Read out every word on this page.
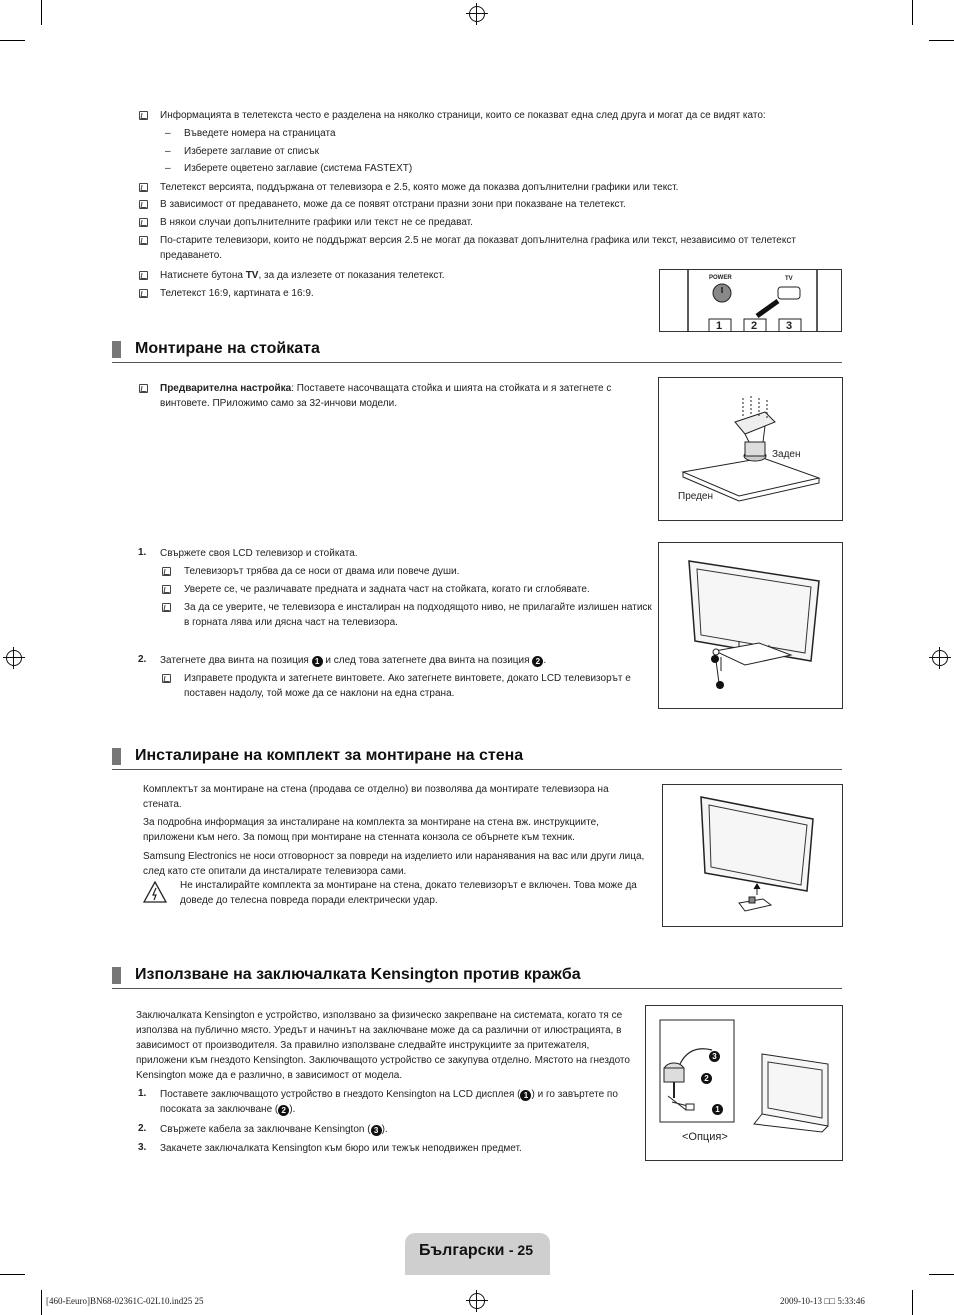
Информацията в телетекста често е разделена на няколко страници, които се показват една след друга и могат да се видят като:
– Въведете номера на страницата
– Изберете заглавие от списък
– Изберете оцветено заглавие (система FASTEXT)
Телетекст версията, поддържана от телевизора е 2.5, която може да показва допълнителни графики или текст.
В зависимост от предаването, може да се появят отстрани празни зони при показване на телетекст.
В някои случаи допълнителните графики или текст не се предават.
По-старите телевизори, които не поддържат версия 2.5 не могат да показват допълнителна графика или текст, независимо от телетекст предаването.
Натиснете бутона TV, за да излезете от показания телетекст.
Телетекст 16:9, картината е 16:9.
POWER	TV
1	2	3
Монтиране на стойката
Предварителна настройка: Поставете насочващата стойка и шията на стойката и я затегнете с винтовете. ПРиложимо само за 32-инчови модели.
Заден
Преден
1. Свържете своя LCD телевизор и стойката.
Телевизорът трябва да се носи от двама или повече души.
Уверете се, че различавате предната и задната част на стойката, когато ги сглобявате.
За да се уверите, че телевизора е инсталиран на подходящото ниво, не прилагайте излишен натиск в горната лява или дясна част на телевизора.
2. Затегнете два винта на позиция 1 и след това затегнете два винта на позиция 2 .
Изправете продукта и затегнете винтовете. Ако затегнете винтовете, докато LCD телевизорът е поставен надолу, той може да се наклони на една страна.
Инсталиране на комплект за монтиране на стена
Комплектът за монтиране на стена (продава се отделно) ви позволява да монтирате телевизора на стената.
За подробна информация за инсталиране на комплекта за монтиране на стена вж. инструкциите, приложени към него. За помощ при монтиране на стенната конзола се обърнете към техник.
Samsung Electronics не носи отговорност за повреди на изделието или наранявания на вас или други лица, след като сте опитали да инсталирате телевизора сами.
Не инсталирайте комплекта за монтиране на стена, докато телевизорът е включен. Това може да доведе до телесна повреда поради електрически удар.
Използване на заключалката Kensington против кражба
Заключалката Kensington е устройство, използвано за физическо закрепване на системата, когато тя се използва на публично място. Уредът и начинът на заключване може да са различни от илюстрацията, в зависимост от производителя. За правилно използване следвайте инструкциите за притежателя, приложени към гнездото Kensington. Заключващото устройство се закупува отделно. Мястото на гнездото Kensington може да е различно, в зависимост от модела.
1. Поставете заключващото устройство в гнездото Kensington на LCD дисплея ( 1 ) и го завъртете по посоката за заключване ( 2 ).
2. Свържете кабела за заключване Kensington ( 3 ).
3. Закачете заключалката Kensington към бюро или тежък неподвижен предмет.
3
2
1
<Опция>
Български - 25
[460-Eeuro]BN68-02361C-02L10.ind25 25	2009-10-13 □□ 5:33:46
